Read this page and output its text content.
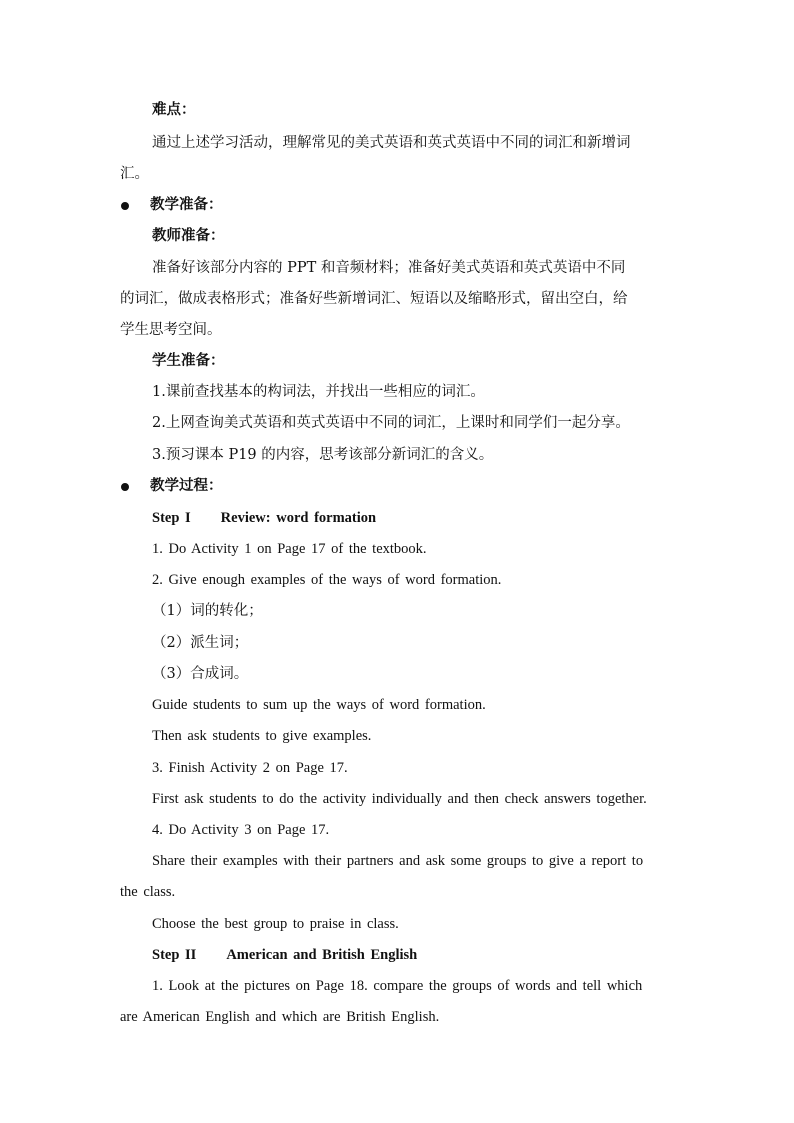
难点：
通过上述学习活动，理解常见的美式英语和英式英语中不同的词汇和新增词
汇。
教学准备：
教师准备：
准备好该部分内容的 PPT 和音频材料；准备好美式英语和英式英语中不同
的词汇，做成表格形式；准备好些新增词汇、短语以及缩略形式，留出空白，给
学生思考空间。
学生准备：
1.课前查找基本的构词法，并找出一些相应的词汇。
2.上网查询美式英语和英式英语中不同的词汇，上课时和同学们一起分享。
3.预习课本 P19 的内容，思考该部分新词汇的含义。
教学过程：
Step I Review: word formation
1. Do Activity 1 on Page 17 of the textbook.
2. Give enough examples of the ways of word formation.
（1）词的转化；
（2）派生词；
（3）合成词。
Guide students to sum up the ways of word formation.
Then ask students to give examples.
3. Finish Activity 2 on Page 17.
First ask students to do the activity individually and then check answers together.
4. Do Activity 3 on Page 17.
Share their examples with their partners and ask some groups to give a report to
the class.
Choose the best group to praise in class.
Step II American and British English
1. Look at the pictures on Page 18. compare the groups of words and tell which
are American English and which are British English.
